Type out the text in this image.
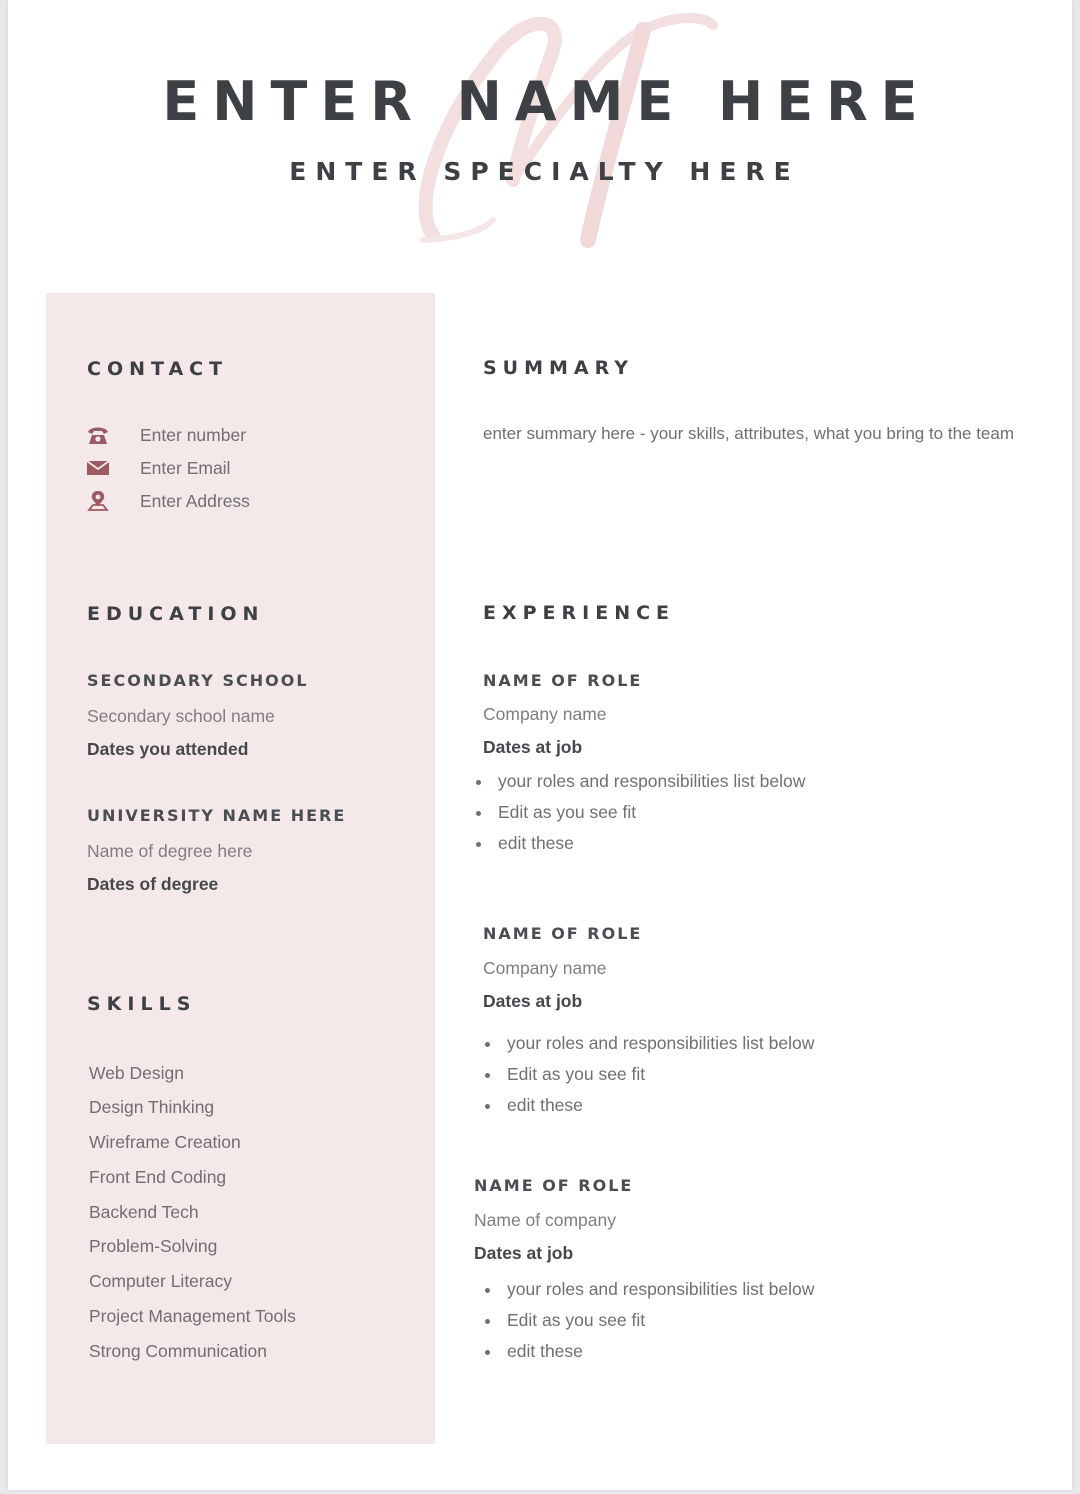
ENTER NAME HERE
ENTER SPECIALTY HERE
CONTACT
Enter number
Enter Email
Enter Address
EDUCATION
SECONDARY SCHOOL
Secondary school name
Dates you attended
UNIVERSITY NAME HERE
Name of degree here
Dates of degree
SKILLS
Web Design
Design Thinking
Wireframe Creation
Front End Coding
Backend Tech
Problem-Solving
Computer Literacy
Project Management Tools
Strong Communication
SUMMARY
enter summary here - your skills, attributes, what you bring to the team
EXPERIENCE
NAME OF ROLE
Company name
Dates at job
your roles and responsibilities list below
Edit as you see fit
edit these
NAME OF ROLE
Company name
Dates at job
your roles and responsibilities list below
Edit as you see fit
edit these
NAME OF ROLE
Name of company
Dates at job
your roles and responsibilities list below
Edit as you see fit
edit these
